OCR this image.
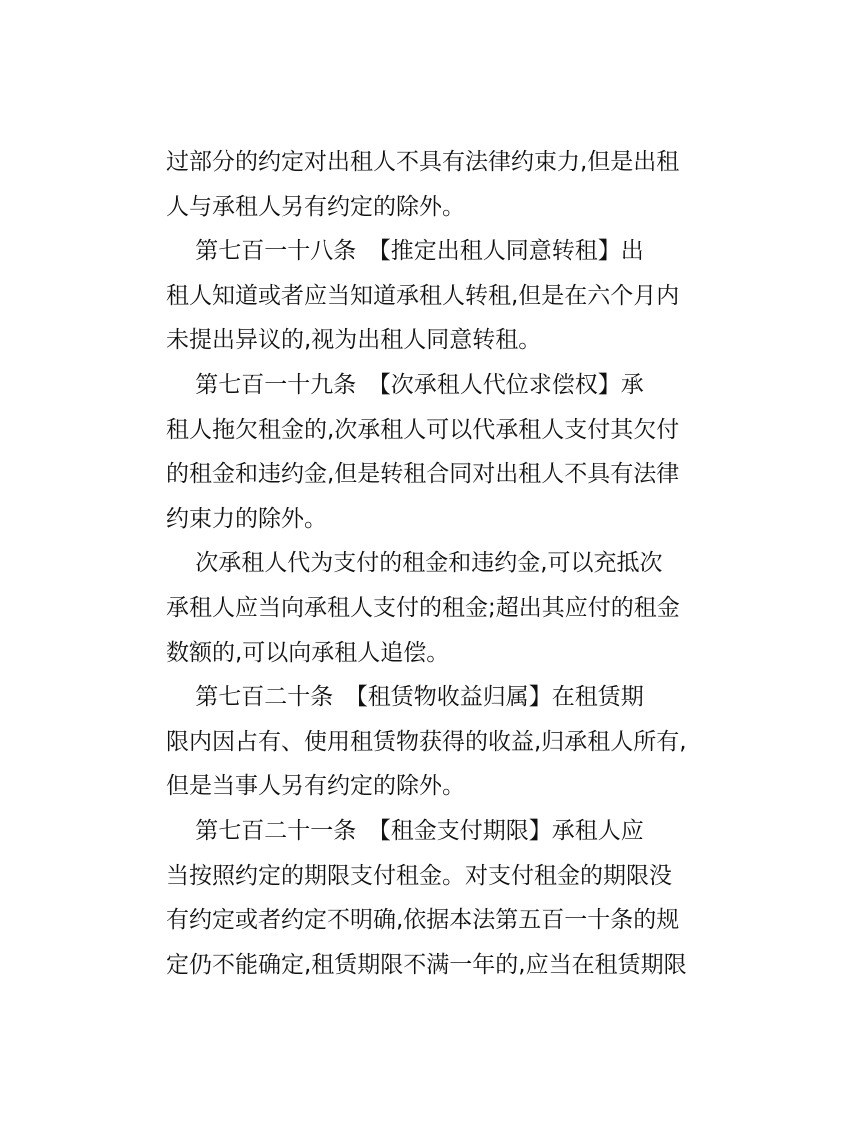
过部分的约定对出租人不具有法律约束力,但是出租
人与承租人另有约定的除外。

第七百一十八条　【推定出租人同意转租】出
租人知道或者应当知道承租人转租,但是在六个月内
未提出异议的,视为出租人同意转租。

第七百一十九条　【次承租人代位求偿权】承
租人拖欠租金的,次承租人可以代承租人支付其欠付
的租金和违约金,但是转租合同对出租人不具有法律
约束力的除外。

次承租人代为支付的租金和违约金,可以充抵次
承租人应当向承租人支付的租金;超出其应付的租金
数额的,可以向承租人追偿。

第七百二十条　【租赁物收益归属】在租赁期
限内因占有、使用租赁物获得的收益,归承租人所有,
但是当事人另有约定的除外。

第七百二十一条　【租金支付期限】承租人应
当按照约定的期限支付租金。对支付租金的期限没
有约定或者约定不明确,依据本法第五百一十条的规
定仍不能确定,租赁期限不满一年的,应当在租赁期限
